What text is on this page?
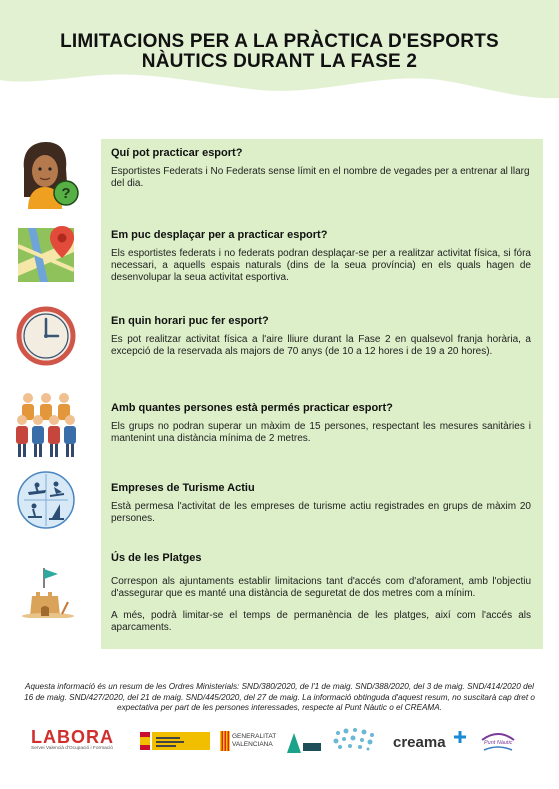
LIMITACIONS PER A LA PRÀCTICA D'ESPORTS
NÀUTICS DURANT LA FASE 2
?
Quí pot practicar esport?

Esportistes Federats i No Federats sense límit en el nombre de vegades per a entrenar al llarg del dia.

Em puc desplaçar per a practicar esport?

Els esportistes federats i no federats podran desplaçar-se per a realitzar activitat física, si fóra necessari, a aquells espais naturals (dins de la seua província) en els quals hagen de desenvolupar la seua activitat esportiva.

En quin horari puc fer esport?

Es pot realitzar activitat física a l'aire lliure durant la Fase 2 en qualsevol franja horària, a excepció de la reservada als majors de 70 anys (de 10 a 12 hores i de 19 a 20 hores).

Amb quantes persones està permés practicar esport?

Els grups no podran superar un màxim de 15 persones, respectant les mesures sanitàries i mantenint una distància mínima de 2 metres.

Empreses de Turisme Actiu

Està permesa l'activitat de les empreses de turisme actiu registrades en grups de màxim 20 persones.

Ús de les Platges

Correspon als ajuntaments establir limitacions tant d'accés com d'aforament, amb l'objectiu d'assegurar que es manté una distància de seguretat de dos metres com a mínim.

A més, podrà limitar-se el temps de permanència de les platges, així com l'accés als aparcaments.

Aquesta informació és un resum de les Ordres Ministerials: SND/380/2020, de l'1 de maig. SND/388/2020, del 3 de maig. SND/414/2020 del 16 de maig. SND/427/2020, del 21 de maig. SND/445/2020, del 27 de maig. La informació obtinguda d'aquest resum, no suscitarà cap dret o expectativa per part de les persones interessades, respecte al Punt Nàutic o el CREAMA.
LABORA
Servei Valencià d'Ocupació i Formació
GENERALITAT
VALENCIANA	creama	Punt Nàutic
